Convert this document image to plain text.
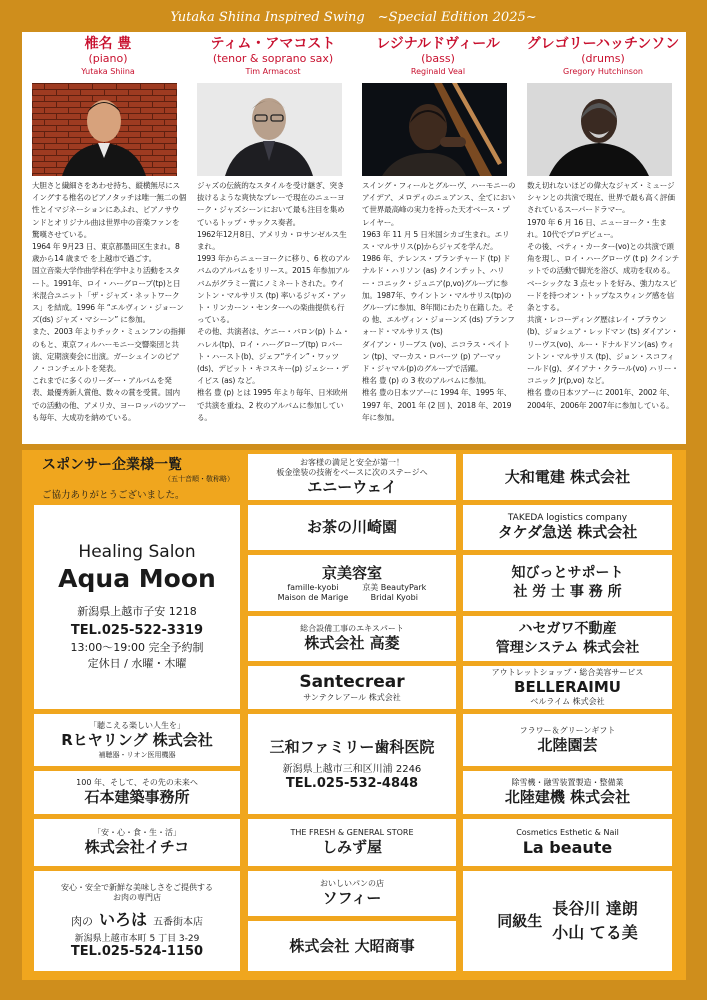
Yutaka Shiina Inspired Swing　~Special Edition 2025~
椎名 豊
(piano)
Yutaka Shiina
大胆さと繊細さをあわせ持ち、縦横無尽にスイングする椎名のピアノタッチは唯一無二の個性とイマジネーションにあふれ、ピアノサウンドとオリジナル曲は世界中の音楽ファンを驚嘆させている。
1964 年 9月23 日、東京都墨田区生まれ。8歳から14 歳まで を上越市で過ごす。
国立音楽大学作曲学科在学中より活動をスタート。1991年、ロイ・ハーグローブ(tp)と日米混合ユニット「ザ・ジャズ・ネットワークス」を結成。1996 年 “エルヴィン・ジョーンズ(ds) ジャズ・マシーン” に参加。
また、2003 年よりチック・ミュンフンの指揮のもと、東京フィルハーモニー交響楽団と共演、定期演奏会に出演。ガーシュインのピアノ・コンチェルトを発表。
これまでに多くのリーダー・アルバムを発表、最優秀新人賞他、数々の賞を受賞。国内での活動の他、アメリカ、ヨーロッパのツアーも毎年、大成功を納めている。
ティム・アマコスト
(tenor & soprano sax)
Tim Armacost
ジャズの伝統的なスタイルを受け継ぎ、突き抜けるような爽快なプレーで現在のニューヨーク・ジャズシーンにおいて最も注目を集めているトップ・サックス奏者。
1962年12月8日、アメリカ・ロサンゼルス生まれ。
1993 年からニューヨークに移り、6 枚のアルバムのアルバムをリリース。2015 年参加アルバムがグラミー賞にノミネートされた。ウイントン・マルサリス (tp) 率いるジャズ・アット・リンカーン・センターへの楽曲提供も行っている。
その他、共演者は、ケニー・バロン(p) トム・ハレル(tp)、ロイ・ハーグローブ(tp) ロバート・ハースト(b)、ジェフ“テイン”・ワッツ (ds)、デビット・キコスキー(p) ジェシー・デイビス (as) など。
椎名 豊 (p) とは 1995 年より毎年、日米欧州で共演を重ね、2 枚のアルバムに参加している。
レジナルドヴィール
(bass)
Reginald Veal
スイング・フィールとグルーヴ、ハーモニーのアイデア、メロディのニュアンス、全てにおいて世界最高峰の実力を持った天才ベース・プレイヤー。
1963 年 11 月 5 日米国シカゴ生まれ。エリス・マルサリス(p)からジャズを学んだ。1986 年、テレンス・ブランチャード (tp) ドナルド・ハリソン (as) クインテット、ハリー・コニック・ジュニア(p,vo)グループに参加。1987年、ウイントン・マルサリス(tp)のグループに参加、8年間にわたり在籍した。その 他、エルヴィン・ジョーンズ (ds) ブランフォード・マルサリス (ts)
ダイアン・リーブス (vo)、ニコラス・ペイトン (tp)、マーカス・ロバーツ (p) アーマッド・ジャマル(p)のグループで活躍。
椎名 豊 (p) の 3 枚のアルバムに参加。
椎名 豊の日本ツアーに 1994 年、1995 年、1997 年、2001 年 (2 回 )、2018 年、2019 年に参加。
グレゴリーハッチンソン
(drums)
Gregory Hutchinson
数え切れないほどの偉大なジャズ・ミュージシャンとの共演で現在、世界で最も高く評価されているスーパードラマー。
1970 年 6 月 16 日、ニューヨーク・生まれ。10代でプロデビュー。
その後、ベティ・カーター(vo)との共演で頭角を現し、ロイ・ハーグローヴ (t p) クインテットでの活動で脚光を浴び、成功を収める。
ベーシックな 3 点セットを好み、強力なスピードを持つオン・トップなスウィング感を信条とする。
共演・レコーディング歴はレイ・ブラウン(b)、ジョシュア・レッドマン (ts) ダイアン・リーヴス(vo)、ルー・ドナルドソン(as) ウィントン・マルサリス (tp)、ジョン・スコフィールド(g)、ダイアナ・クラール(vo) ハリー・コニック Jr(p,vo) など。
椎名 豊の日本ツアーに 2001年、2002 年、2004年、2006年 2007年に参加している。
スポンサー企業様一覧
（五十音順・敬称略）
ご協力ありがとうございました。
Healing Salon
Aqua Moon
新潟県上越市子安 1218
TEL.025-522-3319
13:00〜19:00 完全予約制
定休日 / 水曜・木曜
「聴こえる楽しい人生を」
Rヒヤリング 株式会社
補聴器・リオン医用機器
100 年、そして、その先の未来へ
石本建築事務所
「安・心・食・生・活」
株式会社イチコ
安心・安全で新鮮な美味しさをご提供する
お肉の専門店
肉の いろは 五番街本店
新潟県上越市本町 5 丁目 3-29
TEL.025-524-1150
お客様の満足と安全が第一！
板金塗装の技術をベースに次のステージへ
エニーウェイ
お茶の川崎園
京美容室
famille-kyobi
Maison de Marige
京美 BeautyPark
Bridal Kyobi
総合設備工事のエキスパート
株式会社 高菱
Santecrear
サンテクレアール 株式会社
三和ファミリー歯科医院
新潟県上越市三和区川浦 2246
TEL.025-532-4848
THE FRESH & GENERAL STORE
しみず屋
おいしいパンの店
ソフィー
株式会社 大昭商事
大和電建 株式会社
TAKEDA logistics company
タケダ急送 株式会社
知びっとサポート
社 労 士 事 務 所
ハセガワ不動産
管理システム 株式会社
アウトレットショップ・総合美容サービス
BELLERAIMU
ベルライム 株式会社
フラワー＆グリーンギフト
北陸園芸
除雪機・融雪装置製造・整備業
北陸建機 株式会社
Cosmetics Esthetic & Nail
La beaute
同級生
長谷川 達朗
小山 てる美
